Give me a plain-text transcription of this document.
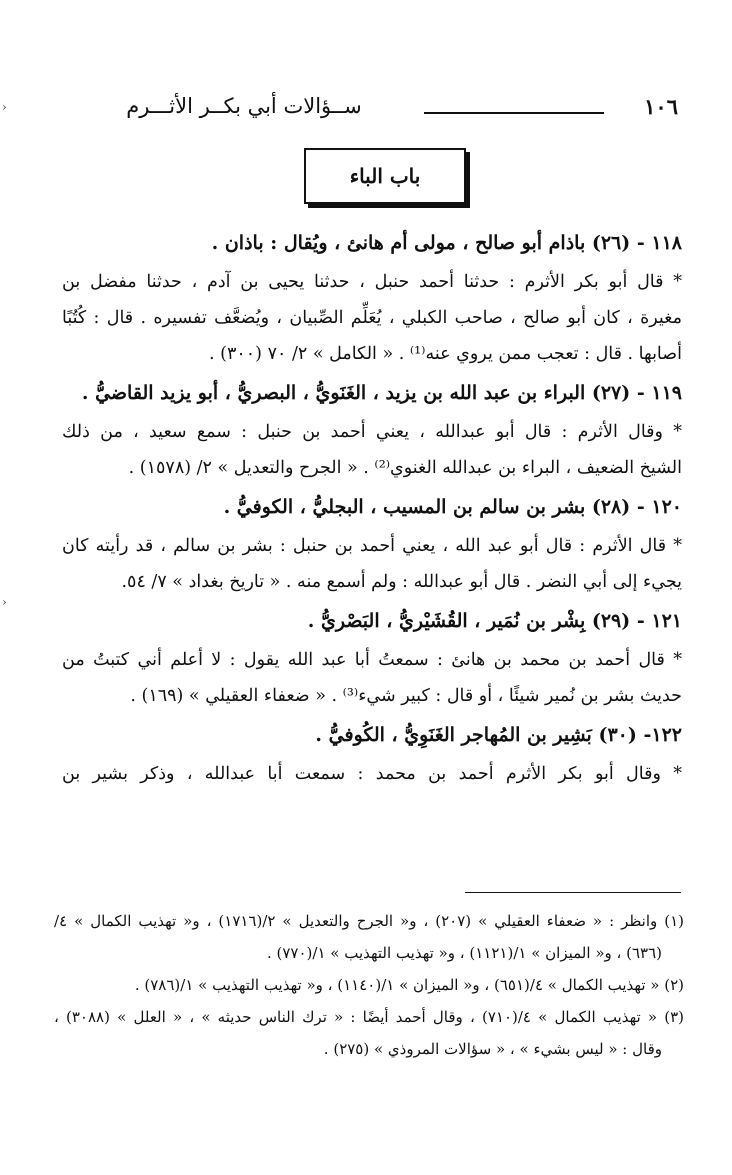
›
›
١٠٦
ســؤالات أبي بكــر الأثـــرم
باب الباء
١١٨ - (٢٦) باذام أبو صالح ، مولى أم هانئ ، ويُقال : باذان .
* قال أبو بكر الأثرم : حدثنا أحمد حنبل ، حدثنا يحيى بن آدم ، حدثنا مفضل بن
مغيرة ، كان أبو صالح ، صاحب الكبلي ، يُعَلِّم الصِّبيان ، ويُضعَّف تفسيره . قال : كُتُبًا
أصابها . قال : تعجب ممن يروي عنه⁽¹⁾ . « الكامل » ٢/ ٧٠ (٣٠٠) .
١١٩ - (٢٧) البراء بن عبد الله بن يزيد ، الغَنَويُّ ، البصريُّ ، أبو يزيد القاضيُّ .
* وقال الأثرم : قال أبو عبدالله ، يعني أحمد بن حنبل : سمع سعيد ، من ذلك
الشيخ الضعيف ، البراء بن عبدالله الغنوي⁽²⁾ . « الجرح والتعديل » ٢/ (١٥٧٨) .
١٢٠ - (٢٨) بشر بن سالم بن المسيب ، البجليُّ ، الكوفيُّ .
* قال الأثرم : قال أبو عبد الله ، يعني أحمد بن حنبل : بشر بن سالم ، قد رأيته كان
يجيء إلى أبي النضر . قال أبو عبدالله : ولم أسمع منه . « تاريخ بغداد » ٧/ ٥٤.
١٢١ - (٢٩) بِشْر بن نُمَير ، القُشَيْريُّ ، البَصْريُّ .
* قال أحمد بن محمد بن هانئ : سمعتُ أبا عبد الله يقول : لا أعلم أني كتبتُ من
حديث بشر بن نُمير شيئًا ، أو قال : كبير شيء⁽³⁾ . « ضعفاء العقيلي » (١٦٩) .
١٢٢- (٣٠) بَشِير بن المُهاجر الغَنَوِيُّ ، الكُوفيُّ .
* وقال أبو بكر الأثرم أحمد بن محمد : سمعت أبا عبدالله ، وذكر بشير بن
(١) وانظر : « ضعفاء العقيلي » (٢٠٧) ، و« الجرح والتعديل » ٢/(١٧١٦) ، و« تهذيب الكمال » ٤/
(٦٣٦) ، و« الميزان » ١/(١١٢١) ، و« تهذيب التهذيب » ١/(٧٧٠) .
(٢) « تهذيب الكمال » ٤/(٦٥١) ، و« الميزان » ١/(١١٤٠) ، و« تهذيب التهذيب » ١/(٧٨٦) .
(٣) « تهذيب الكمال » ٤/(٧١٠) ، وقال أحمد أيضًا : « ترك الناس حديثه » ، « العلل » (٣٠٨٨) ،
وقال : « ليس بشيء » ، « سؤالات المروذي » (٢٧٥) .
